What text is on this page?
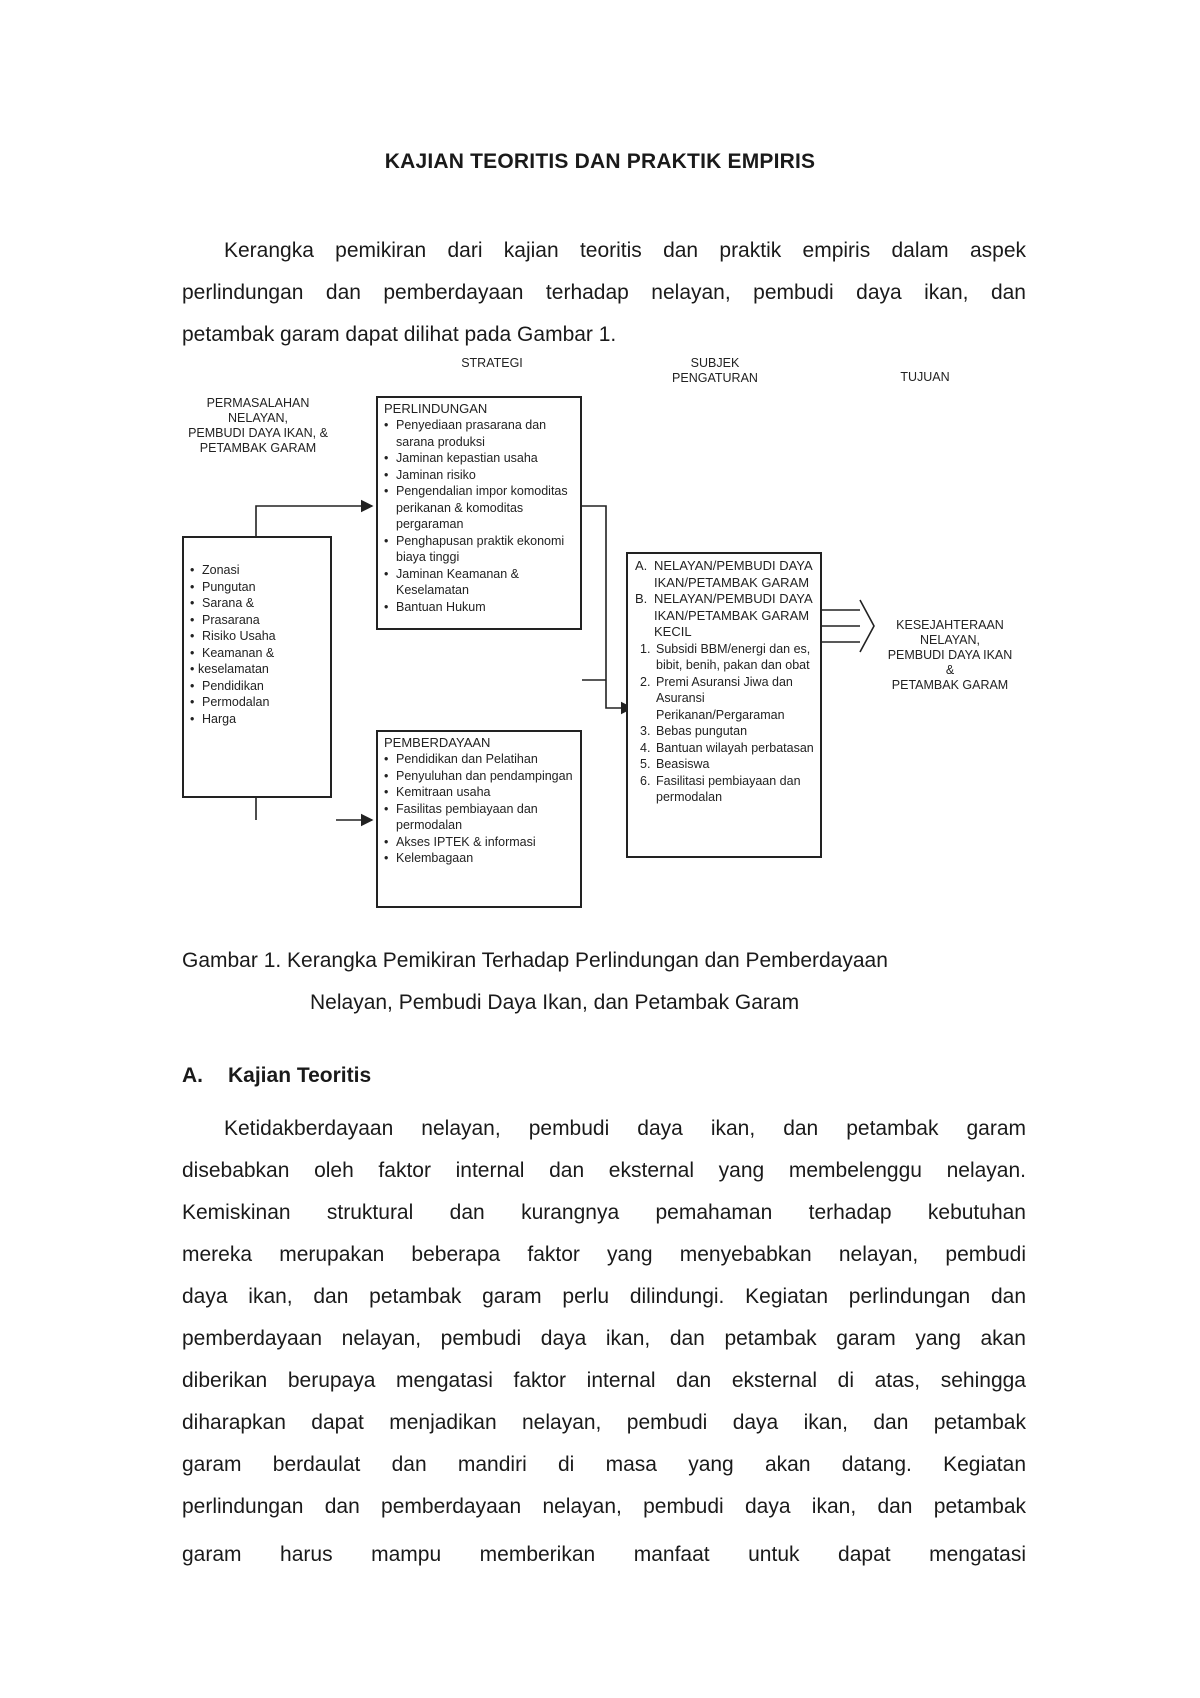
KAJIAN TEORITIS DAN PRAKTIK EMPIRIS
Kerangka pemikiran dari kajian teoritis dan praktik empiris dalam aspek
perlindungan dan pemberdayaan terhadap nelayan, pembudi daya ikan, dan
petambak garam dapat dilihat pada Gambar 1.
STRATEGI	SUBJEK
PENGATURAN	TUJUAN
PERMASALAHAN
NELAYAN,
PEMBUDI DAYA IKAN, &
PETAMBAK GARAM
• Zonasi
• Pungutan
• Sarana &
• Prasarana
• Risiko Usaha
• Keamanan &
• keselamatan
• Pendidikan
• Permodalan
• Harga
PERLINDUNGAN
• Penyediaan prasarana dan sarana produksi
• Jaminan kepastian usaha
• Jaminan risiko
• Pengendalian impor komoditas perikanan & komoditas pergaraman
• Penghapusan praktik ekonomi biaya tinggi
• Jaminan Keamanan & Keselamatan
• Bantuan Hukum
PEMBERDAYAAN
• Pendidikan dan Pelatihan
• Penyuluhan dan pendampingan
• Kemitraan usaha
• Fasilitas pembiayaan dan permodalan
• Akses IPTEK & informasi
• Kelembagaan
A. NELAYAN/PEMBUDI DAYA IKAN/PETAMBAK GARAM
B. NELAYAN/PEMBUDI DAYA IKAN/PETAMBAK GARAM KECIL
1. Subsidi BBM/energi dan es, bibit, benih, pakan dan obat
2. Premi Asuransi Jiwa dan Asuransi Perikanan/Pergaraman
3. Bebas pungutan
4. Bantuan wilayah perbatasan
5. Beasiswa
6. Fasilitasi pembiayaan dan permodalan
KESEJAHTERAAN
NELAYAN,
PEMBUDI DAYA IKAN
&
PETAMBAK GARAM
Gambar 1. Kerangka Pemikiran Terhadap Perlindungan dan Pemberdayaan
Nelayan, Pembudi Daya Ikan, dan Petambak Garam
A. Kajian Teoritis
Ketidakberdayaan nelayan, pembudi daya ikan, dan petambak garam
disebabkan oleh faktor internal dan eksternal yang membelenggu nelayan.
Kemiskinan struktural dan kurangnya pemahaman terhadap kebutuhan
mereka merupakan beberapa faktor yang menyebabkan nelayan, pembudi
daya ikan, dan petambak garam perlu dilindungi. Kegiatan perlindungan dan
pemberdayaan nelayan, pembudi daya ikan, dan petambak garam yang akan
diberikan berupaya mengatasi faktor internal dan eksternal di atas, sehingga
diharapkan dapat menjadikan nelayan, pembudi daya ikan, dan petambak
garam berdaulat dan mandiri di masa yang akan datang. Kegiatan
perlindungan dan pemberdayaan nelayan, pembudi daya ikan, dan petambak
garam harus mampu memberikan manfaat untuk dapat mengatasi
